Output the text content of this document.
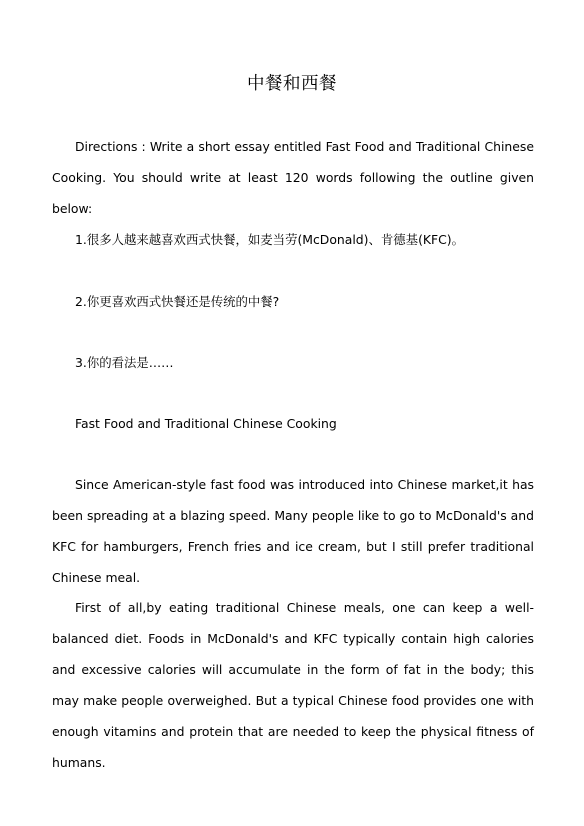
中餐和西餐

Directions : Write a short essay entitled Fast Food and Traditional Chinese Cooking. You should write at least 120 words following the outline given below:

1.很多人越来越喜欢西式快餐，如麦当劳(McDonald)、肯德基(KFC)。

2.你更喜欢西式快餐还是传统的中餐?

3.你的看法是……

Fast Food and Traditional Chinese Cooking

Since American-style fast food was introduced into Chinese market,it has been spreading at a blazing speed. Many people like to go to McDonald's and KFC for hamburgers, French fries and ice cream, but I still prefer traditional Chinese meal.

First of all,by eating traditional Chinese meals, one can keep a well-balanced diet. Foods in McDonald's and KFC typically contain high calories and excessive calories will accumulate in the form of fat in the body; this may make people overweighed. But a typical Chinese food provides one with enough vitamins and protein that are needed to keep the physical fitness of humans.
